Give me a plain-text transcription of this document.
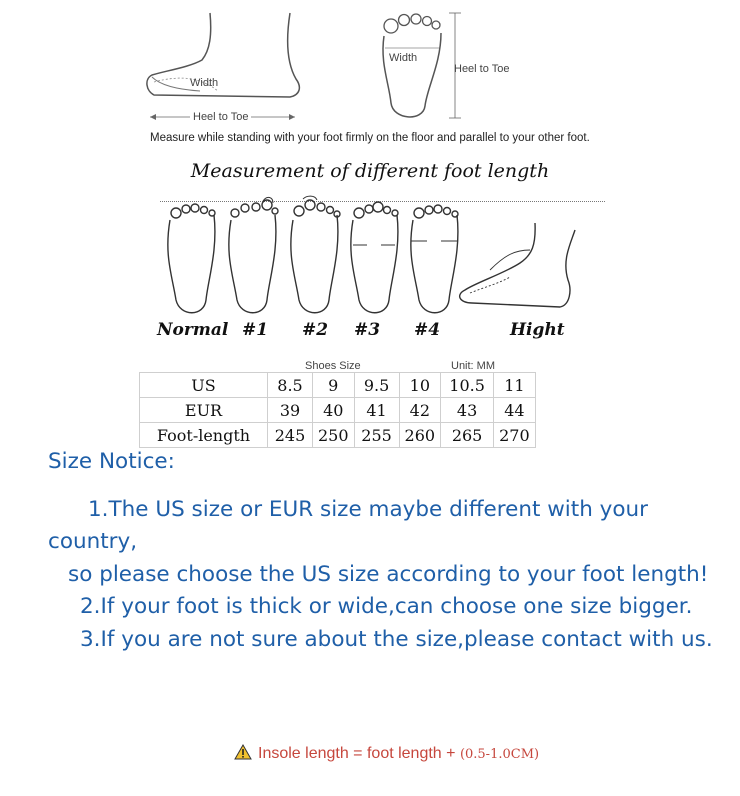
Width
Heel to Toe
Width
Heel to Toe
Measure while standing with your foot firmly on the floor and parallel to your other foot.
Measurement of different foot length
Normal #1 #2 #3 #4	Hight
Shoes Size	Unit: MM
US	8.5	9	9.5	10	10.5	11
EUR	39	40	41	42	43	44
Foot-length	245	250	255	260	265	270

Size Notice:

1.The US size or EUR size maybe different with your country,

so please choose the US size according to your foot length!

2.If your foot is thick or wide,can choose one size bigger.

3.If you are not sure about the size,please contact with us.

Insole length = foot length + (0.5-1.0CM)
